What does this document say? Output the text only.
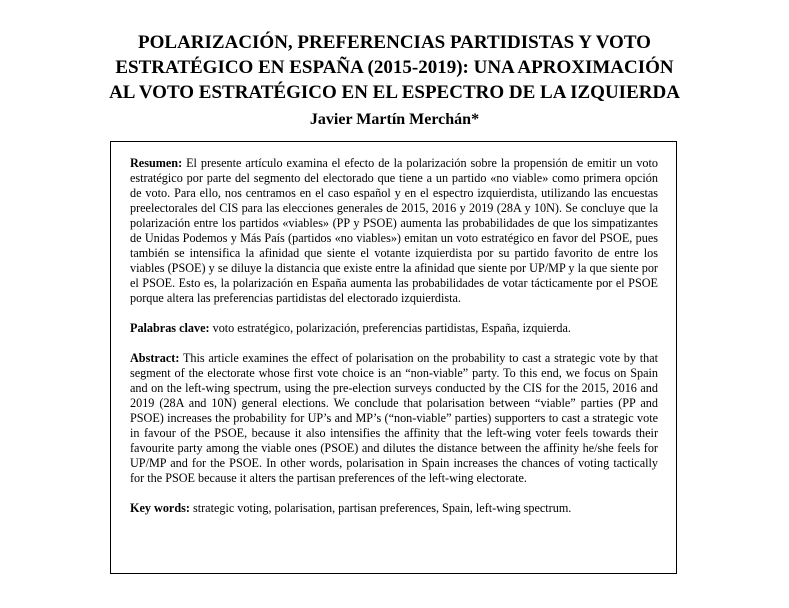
POLARIZACIÓN, PREFERENCIAS PARTIDISTAS Y VOTO
ESTRATÉGICO EN ESPAÑA (2015-2019): UNA APROXIMACIÓN
AL VOTO ESTRATÉGICO EN EL ESPECTRO DE LA IZQUIERDA
Javier Martín Merchán*

Resumen: El presente artículo examina el efecto de la polarización sobre la propensión de emitir un voto estratégico por parte del segmento del electorado que tiene a un partido «no viable» como primera opción de voto. Para ello, nos centramos en el caso español y en el espectro izquierdista, utilizando las encuestas preelectorales del CIS para las elecciones generales de 2015, 2016 y 2019 (28A y 10N). Se concluye que la polarización entre los partidos «viables» (PP y PSOE) aumenta las probabilidades de que los simpatizantes de Unidas Podemos y Más País (partidos «no viables») emitan un voto estratégico en favor del PSOE, pues también se intensifica la afinidad que siente el votante izquierdista por su partido favorito de entre los viables (PSOE) y se diluye la distancia que existe entre la afinidad que siente por UP/MP y la que siente por el PSOE. Esto es, la polarización en España aumenta las probabilidades de votar tácticamente por el PSOE porque altera las preferencias partidistas del electorado izquierdista.

Palabras clave: voto estratégico, polarización, preferencias partidistas, España, izquierda.

Abstract: This article examines the effect of polarisation on the probability to cast a strategic vote by that segment of the electorate whose first vote choice is an “non-viable” party. To this end, we focus on Spain and on the left-wing spectrum, using the pre-election surveys conducted by the CIS for the 2015, 2016 and 2019 (28A and 10N) general elections. We conclude that polarisation between “viable” parties (PP and PSOE) increases the probability for UP’s and MP’s (“non-viable” parties) supporters to cast a strategic vote in favour of the PSOE, because it also intensifies the affinity that the left-wing voter feels towards their favourite party among the viable ones (PSOE) and dilutes the distance between the affinity he/she feels for UP/MP and for the PSOE. In other words, polarisation in Spain increases the chances of voting tactically for the PSOE because it alters the partisan preferences of the left-wing electorate.

Key words: strategic voting, polarisation, partisan preferences, Spain, left-wing spectrum.
